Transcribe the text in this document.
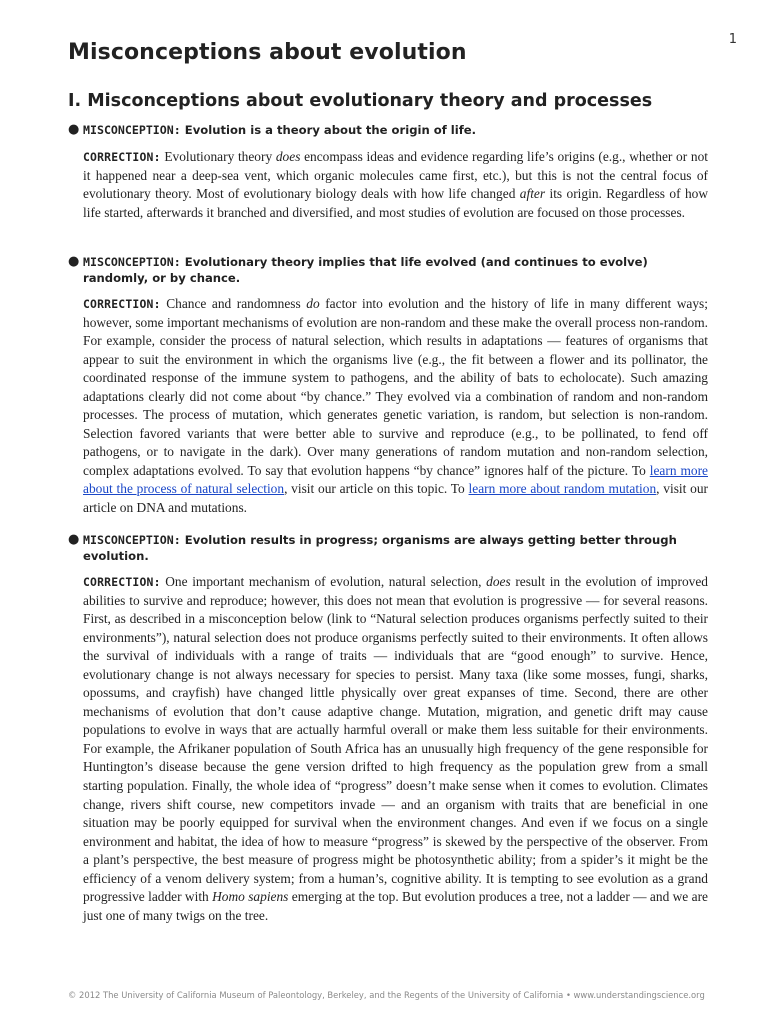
1
Misconceptions about evolution
I. Misconceptions about evolutionary theory and processes
● MISCONCEPTION: Evolution is a theory about the origin of life.

CORRECTION: Evolutionary theory does encompass ideas and evidence regarding life’s origins (e.g., whether or not it happened near a deep-sea vent, which organic molecules came first, etc.), but this is not the central focus of evolutionary theory. Most of evolutionary biology deals with how life changed after its origin. Regardless of how life started, afterwards it branched and diversified, and most studies of evolution are focused on those processes.

● MISCONCEPTION: Evolutionary theory implies that life evolved (and continues to evolve) randomly, or by chance.

CORRECTION: Chance and randomness do factor into evolution and the history of life in many different ways; however, some important mechanisms of evolution are non-random and these make the overall process non-random. For example, consider the process of natural selection, which results in adaptations — features of organisms that appear to suit the environment in which the organisms live (e.g., the fit between a flower and its pollinator, the coordinated response of the immune system to pathogens, and the ability of bats to echolocate). Such amazing adaptations clearly did not come about “by chance.” They evolved via a combination of random and non-random processes. The process of mutation, which generates genetic variation, is random, but selection is non-random. Selection favored variants that were better able to survive and reproduce (e.g., to be pollinated, to fend off pathogens, or to navigate in the dark). Over many generations of random mutation and non-random selection, complex adaptations evolved. To say that evolution happens “by chance” ignores half of the picture. To learn more about the process of natural selection, visit our article on this topic. To learn more about random mutation, visit our article on DNA and mutations.

● MISCONCEPTION: Evolution results in progress; organisms are always getting better through evolution.

CORRECTION: One important mechanism of evolution, natural selection, does result in the evolution of improved abilities to survive and reproduce; however, this does not mean that evolution is progressive — for several reasons. First, as described in a misconception below (link to “Natural selection produces organisms perfectly suited to their environments”), natural selection does not produce organisms perfectly suited to their environments. It often allows the survival of individuals with a range of traits — individuals that are “good enough” to survive. Hence, evolutionary change is not always necessary for species to persist. Many taxa (like some mosses, fungi, sharks, opossums, and crayfish) have changed little physically over great expanses of time. Second, there are other mechanisms of evolution that don’t cause adaptive change. Mutation, migration, and genetic drift may cause populations to evolve in ways that are actually harmful overall or make them less suitable for their environments. For example, the Afrikaner population of South Africa has an unusually high frequency of the gene responsible for Huntington’s disease because the gene version drifted to high frequency as the population grew from a small starting population. Finally, the whole idea of “progress” doesn’t make sense when it comes to evolution. Climates change, rivers shift course, new competitors invade — and an organism with traits that are beneficial in one situation may be poorly equipped for survival when the environment changes. And even if we focus on a single environment and habitat, the idea of how to measure “progress” is skewed by the perspective of the observer. From a plant’s perspective, the best measure of progress might be photosynthetic ability; from a spider’s it might be the efficiency of a venom delivery system; from a human’s, cognitive ability. It is tempting to see evolution as a grand progressive ladder with Homo sapiens emerging at the top. But evolution produces a tree, not a ladder — and we are just one of many twigs on the tree.

© 2012 The University of California Museum of Paleontology, Berkeley, and the Regents of the University of California • www.understandingscience.org
